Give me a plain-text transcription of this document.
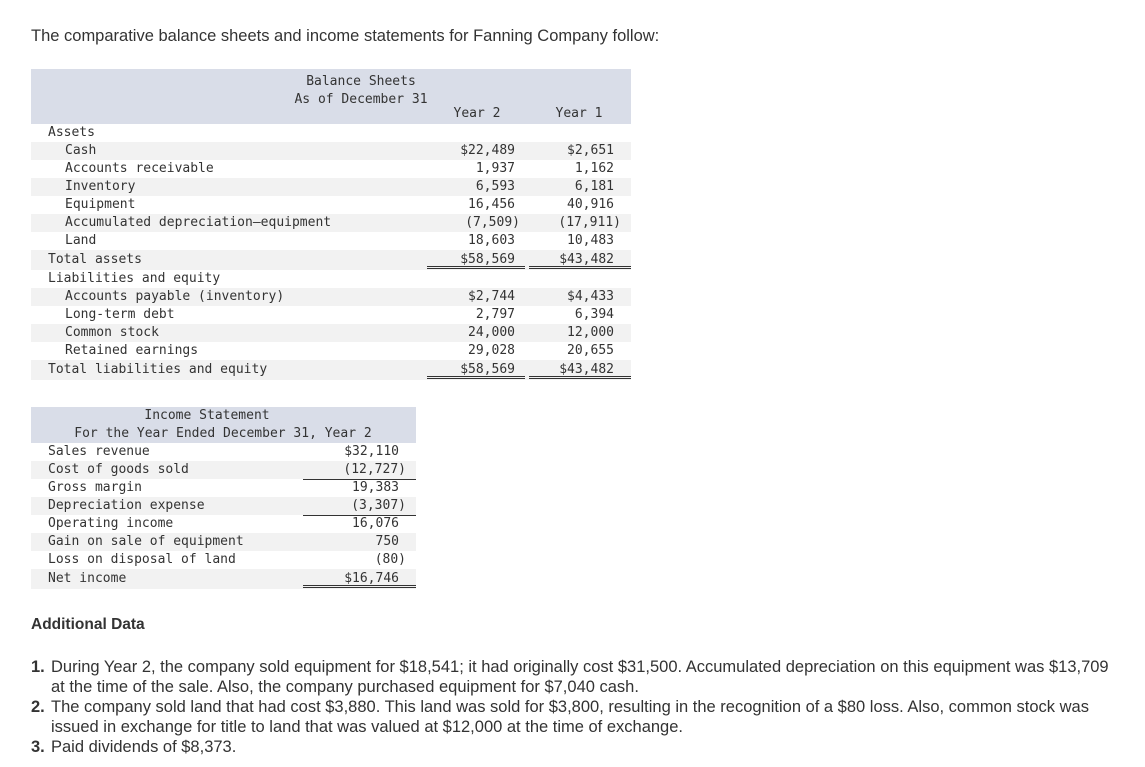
The comparative balance sheets and income statements for Fanning Company follow:
Balance Sheets
As of December 31
Year 2	Year 1
Assets
Cash	$22,489	$2,651
Accounts receivable	1,937	1,162
Inventory	6,593	6,181
Equipment	16,456	40,916
Accumulated depreciation—equipment	(7,509)	(17,911)
Land	18,603	10,483
Total assets	$58,569	$43,482
Liabilities and equity
Accounts payable (inventory)	$2,744	$4,433
Long-term debt	2,797	6,394
Common stock	24,000	12,000
Retained earnings	29,028	20,655
Total liabilities and equity	$58,569	$43,482
Income Statement
For the Year Ended December 31, Year 2
Sales revenue	$32,110
Cost of goods sold	(12,727)
Gross margin	19,383
Depreciation expense	(3,307)
Operating income	16,076
Gain on sale of equipment	750
Loss on disposal of land	(80)
Net income	$16,746
Additional Data
1. During Year 2, the company sold equipment for $18,541; it had originally cost $31,500. Accumulated depreciation on this equipment was $13,709 at the time of the sale. Also, the company purchased equipment for $7,040 cash.
2. The company sold land that had cost $3,880. This land was sold for $3,800, resulting in the recognition of a $80 loss. Also, common stock was issued in exchange for title to land that was valued at $12,000 at the time of exchange.
3. Paid dividends of $8,373.
